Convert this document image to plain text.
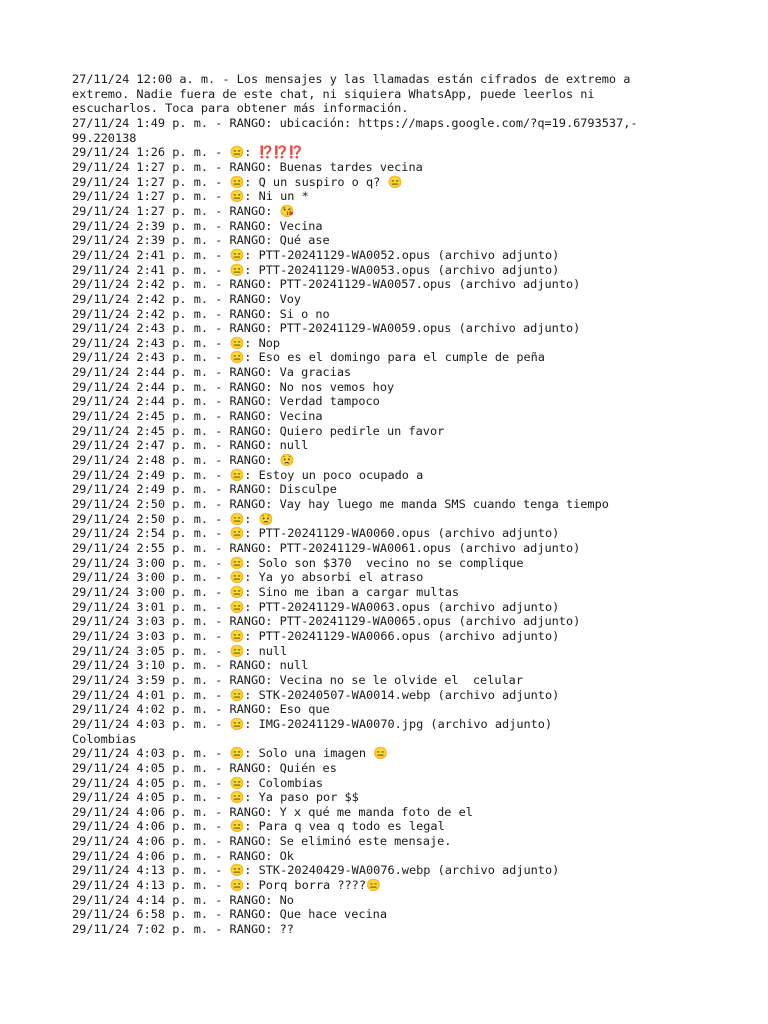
27/11/24 12:00 a. m. - Los mensajes y las llamadas están cifrados de extremo a
extremo. Nadie fuera de este chat, ni siquiera WhatsApp, puede leerlos ni
escucharlos. Toca para obtener más información.
27/11/24 1:49 p. m. - RANGO: ubicación: https://maps.google.com/?q=19.6793537,-
99.220138
29/11/24 1:26 p. m. - 😑: ⁉️⁉️⁉️
29/11/24 1:27 p. m. - RANGO: Buenas tardes vecina
29/11/24 1:27 p. m. - 😑: Q un suspiro o q? 😑
29/11/24 1:27 p. m. - 😑: Ni un *
29/11/24 1:27 p. m. - RANGO: 😘
29/11/24 2:39 p. m. - RANGO: Vecina
29/11/24 2:39 p. m. - RANGO: Qué ase
29/11/24 2:41 p. m. - 😑: PTT-20241129-WA0052.opus (archivo adjunto)
29/11/24 2:41 p. m. - 😑: PTT-20241129-WA0053.opus (archivo adjunto)
29/11/24 2:42 p. m. - RANGO: PTT-20241129-WA0057.opus (archivo adjunto)
29/11/24 2:42 p. m. - RANGO: Voy
29/11/24 2:42 p. m. - RANGO: Si o no
29/11/24 2:43 p. m. - RANGO: PTT-20241129-WA0059.opus (archivo adjunto)
29/11/24 2:43 p. m. - 😑: Nop
29/11/24 2:43 p. m. - 😑: Eso es el domingo para el cumple de peña
29/11/24 2:44 p. m. - RANGO: Va gracias
29/11/24 2:44 p. m. - RANGO: No nos vemos hoy
29/11/24 2:44 p. m. - RANGO: Verdad tampoco
29/11/24 2:45 p. m. - RANGO: Vecina
29/11/24 2:45 p. m. - RANGO: Quiero pedirle un favor
29/11/24 2:47 p. m. - RANGO: null
29/11/24 2:48 p. m. - RANGO: 😟
29/11/24 2:49 p. m. - 😑: Estoy un poco ocupado a
29/11/24 2:49 p. m. - RANGO: Disculpe
29/11/24 2:50 p. m. - RANGO: Vay hay luego me manda SMS cuando tenga tiempo
29/11/24 2:50 p. m. - 😑: 😟
29/11/24 2:54 p. m. - 😑: PTT-20241129-WA0060.opus (archivo adjunto)
29/11/24 2:55 p. m. - RANGO: PTT-20241129-WA0061.opus (archivo adjunto)
29/11/24 3:00 p. m. - 😑: Solo son $370  vecino no se complique
29/11/24 3:00 p. m. - 😑: Ya yo absorbi el atraso
29/11/24 3:00 p. m. - 😑: Sino me iban a cargar multas
29/11/24 3:01 p. m. - 😑: PTT-20241129-WA0063.opus (archivo adjunto)
29/11/24 3:03 p. m. - RANGO: PTT-20241129-WA0065.opus (archivo adjunto)
29/11/24 3:03 p. m. - 😑: PTT-20241129-WA0066.opus (archivo adjunto)
29/11/24 3:05 p. m. - 😑: null
29/11/24 3:10 p. m. - RANGO: null
29/11/24 3:59 p. m. - RANGO: Vecina no se le olvide el  celular
29/11/24 4:01 p. m. - 😑: STK-20240507-WA0014.webp (archivo adjunto)
29/11/24 4:02 p. m. - RANGO: Eso que
29/11/24 4:03 p. m. - 😑: IMG-20241129-WA0070.jpg (archivo adjunto)
Colombias
29/11/24 4:03 p. m. - 😑: Solo una imagen 😑
29/11/24 4:05 p. m. - RANGO: Quién es
29/11/24 4:05 p. m. - 😑: Colombias
29/11/24 4:05 p. m. - 😑: Ya paso por $$
29/11/24 4:06 p. m. - RANGO: Y x qué me manda foto de el
29/11/24 4:06 p. m. - 😑: Para q vea q todo es legal
29/11/24 4:06 p. m. - RANGO: Se eliminó este mensaje.
29/11/24 4:06 p. m. - RANGO: Ok
29/11/24 4:13 p. m. - 😑: STK-20240429-WA0076.webp (archivo adjunto)
29/11/24 4:13 p. m. - 😑: Porq borra ????😑
29/11/24 4:14 p. m. - RANGO: No
29/11/24 6:58 p. m. - RANGO: Que hace vecina
29/11/24 7:02 p. m. - RANGO: ??
